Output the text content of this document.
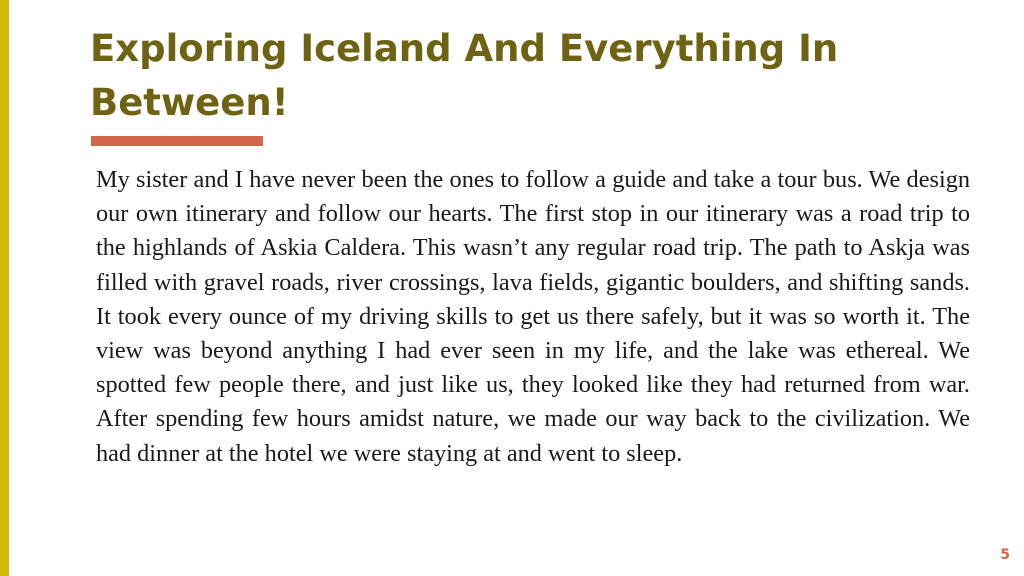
Exploring Iceland And Everything In Between!

My sister and I have never been the ones to follow a guide and take a tour bus. We design our own itinerary and follow our hearts. The first stop in our itinerary was a road trip to the highlands of Askia Caldera. This wasn’t any regular road trip. The path to Askja was filled with gravel roads, river crossings, lava fields, gigantic boulders, and shifting sands. It took every ounce of my driving skills to get us there safely, but it was so worth it. The view was beyond anything I had ever seen in my life, and the lake was ethereal. We spotted few people there, and just like us, they looked like they had returned from war. After spending few hours amidst nature, we made our way back to the civilization. We had dinner at the hotel we were staying at and went to sleep.

5
